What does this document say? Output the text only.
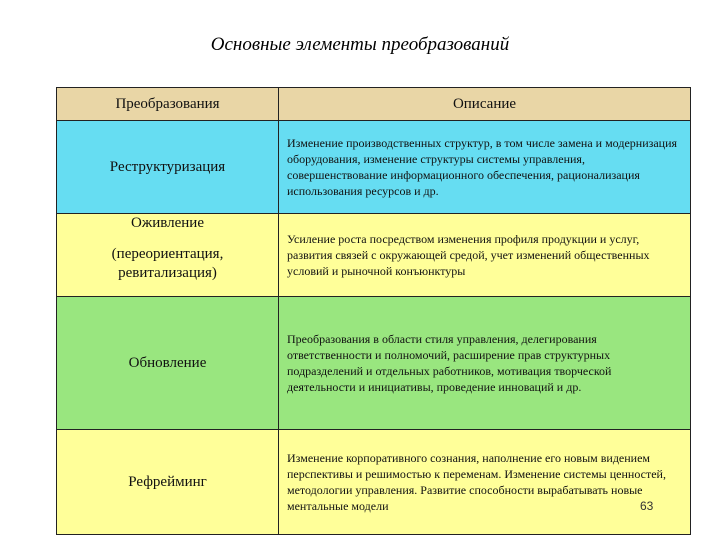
Основные элементы преобразований
Преобразования	Описание
Реструктуризация	Изменение производственных структур, в том числе замена и модернизация оборудования, изменение структуры системы управления, совершенствование информационного обеспечения, рационализация использования ресурсов и др.

Оживление
(переориентация, ревитализация)	Усиление роста посредством изменения профиля продукции и услуг, развития связей с окружающей средой, учет изменений общественных условий и рыночной конъюнктуры
Обновление	Преобразования в области стиля управления, делегирования ответственности и полномочий, расширение прав структурных подразделений и отдельных работников, мотивация творческой деятельности и инициативы, проведение инноваций и др.
Рефрейминг	Изменение корпоративного сознания, наполнение его новым видением перспективы и решимостью к переменам. Изменение системы ценностей, методологии управления. Развитие способности вырабатывать новые ментальные модели	63
